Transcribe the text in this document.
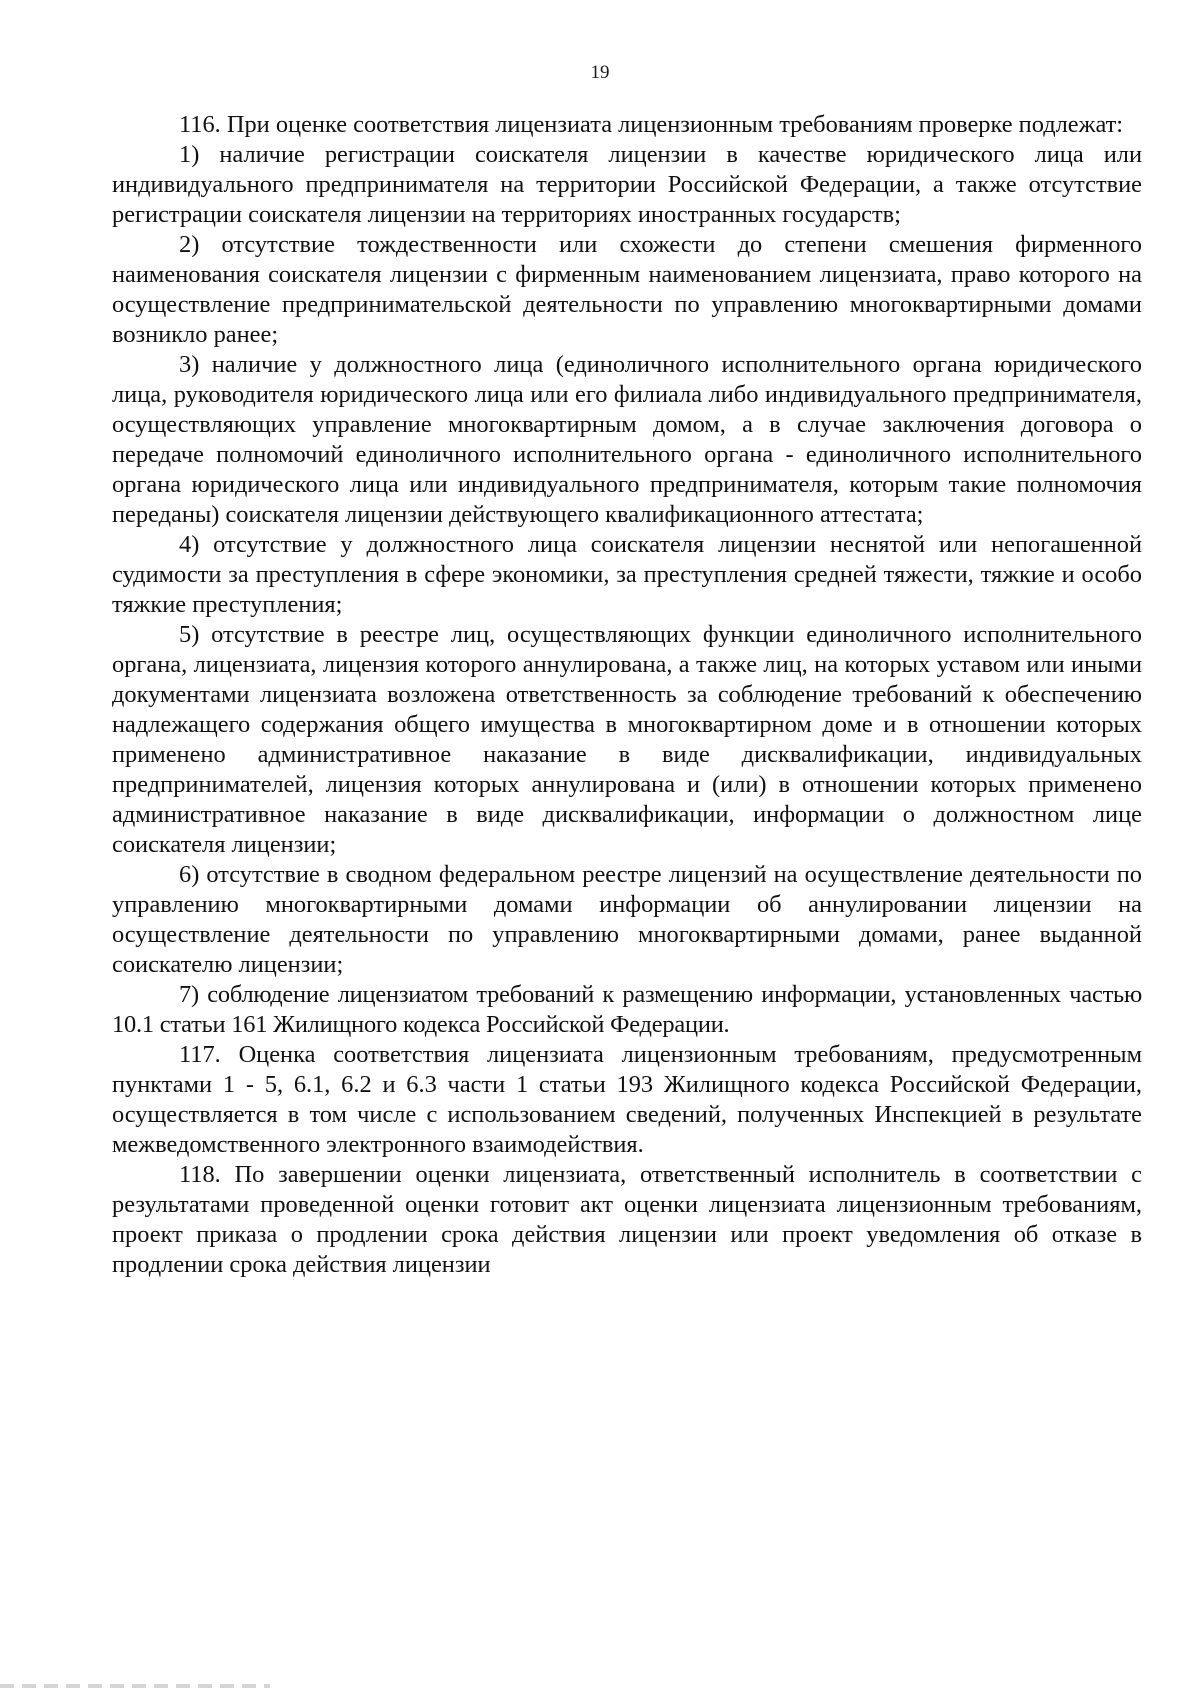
19

116. При оценке соответствия лицензиата лицензионным требованиям проверке подлежат:

1) наличие регистрации соискателя лицензии в качестве юридического лица или индивидуального предпринимателя на территории Российской Федерации, а также отсутствие регистрации соискателя лицензии на территориях иностранных государств;

2) отсутствие тождественности или схожести до степени смешения фирменного наименования соискателя лицензии с фирменным наименованием лицензиата, право которого на осуществление предпринимательской деятельности по управлению многоквартирными домами возникло ранее;

3) наличие у должностного лица (единоличного исполнительного органа юридического лица, руководителя юридического лица или его филиала либо индивидуального предпринимателя, осуществляющих управление многоквартирным домом, а в случае заключения договора о передаче полномочий единоличного исполнительного органа - единоличного исполнительного органа юридического лица или индивидуального предпринимателя, которым такие полномочия переданы) соискателя лицензии действующего квалификационного аттестата;

4) отсутствие у должностного лица соискателя лицензии неснятой или непогашенной судимости за преступления в сфере экономики, за преступления средней тяжести, тяжкие и особо тяжкие преступления;

5) отсутствие в реестре лиц, осуществляющих функции единоличного исполнительного органа, лицензиата, лицензия которого аннулирована, а также лиц, на которых уставом или иными документами лицензиата возложена ответственность за соблюдение требований к обеспечению надлежащего содержания общего имущества в многоквартирном доме и в отношении которых применено административное наказание в виде дисквалификации, индивидуальных предпринимателей, лицензия которых аннулирована и (или) в отношении которых применено административное наказание в виде дисквалификации, информации о должностном лице соискателя лицензии;

6) отсутствие в сводном федеральном реестре лицензий на осуществление деятельности по управлению многоквартирными домами информации об аннулировании лицензии на осуществление деятельности по управлению многоквартирными домами, ранее выданной соискателю лицензии;

7) соблюдение лицензиатом требований к размещению информации, установленных частью 10.1 статьи 161 Жилищного кодекса Российской Федерации.

117. Оценка соответствия лицензиата лицензионным требованиям, предусмотренным пунктами 1 - 5, 6.1, 6.2 и 6.3 части 1 статьи 193 Жилищного кодекса Российской Федерации, осуществляется в том числе с использованием сведений, полученных Инспекцией в результате межведомственного электронного взаимодействия.

118. По завершении оценки лицензиата, ответственный исполнитель в соответствии с результатами проведенной оценки готовит акт оценки лицензиата лицензионным требованиям, проект приказа о продлении срока действия лицензии или проект уведомления об отказе в продлении срока действия лицензии
